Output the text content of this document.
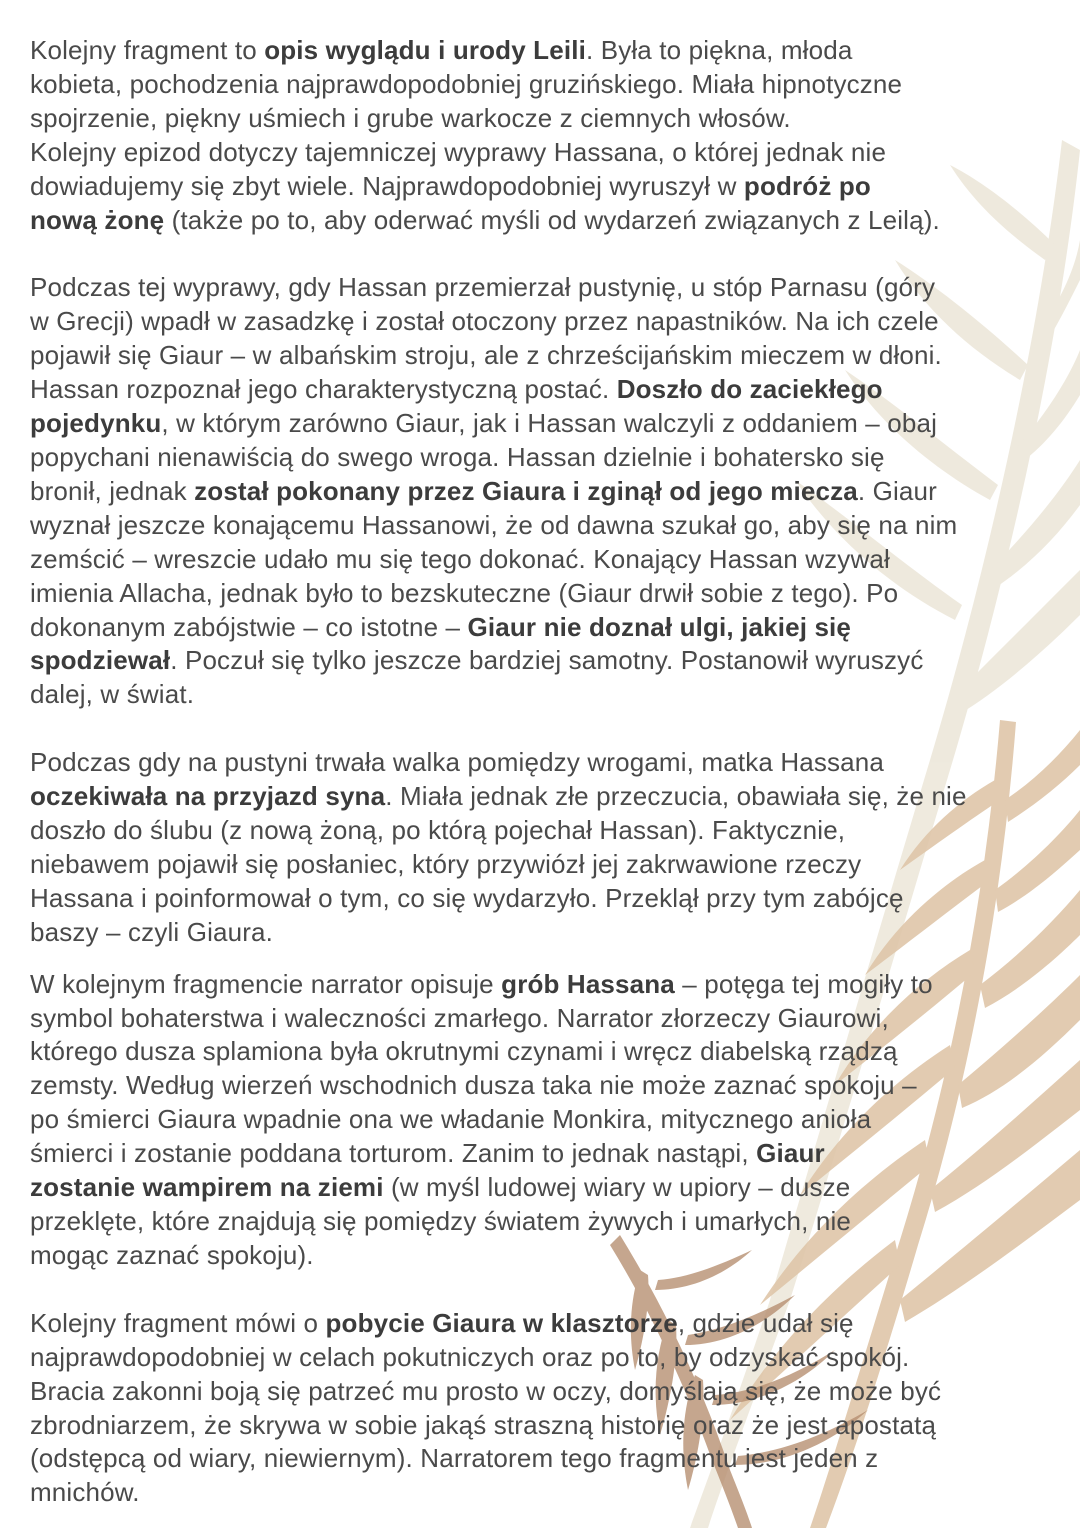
Kolejny fragment to opis wyglądu i urody Leili. Była to piękna, młoda
kobieta, pochodzenia najprawdopodobniej gruzińskiego. Miała hipnotyczne
spojrzenie, piękny uśmiech i grube warkocze z ciemnych włosów.
Kolejny epizod dotyczy tajemniczej wyprawy Hassana, o której jednak nie
dowiadujemy się zbyt wiele. Najprawdopodobniej wyruszył w podróż po
nową żonę (także po to, aby oderwać myśli od wydarzeń związanych z Leilą).

Podczas tej wyprawy, gdy Hassan przemierzał pustynię, u stóp Parnasu (góry
w Grecji) wpadł w zasadzkę i został otoczony przez napastników. Na ich czele
pojawił się Giaur – w albańskim stroju, ale z chrześcijańskim mieczem w dłoni.
Hassan rozpoznał jego charakterystyczną postać. Doszło do zaciekłego
pojedynku, w którym zarówno Giaur, jak i Hassan walczyli z oddaniem – obaj
popychani nienawiścią do swego wroga. Hassan dzielnie i bohatersko się
bronił, jednak został pokonany przez Giaura i zginął od jego miecza. Giaur
wyznał jeszcze konającemu Hassanowi, że od dawna szukał go, aby się na nim
zemścić – wreszcie udało mu się tego dokonać. Konający Hassan wzywał
imienia Allacha, jednak było to bezskuteczne (Giaur drwił sobie z tego). Po
dokonanym zabójstwie – co istotne – Giaur nie doznał ulgi, jakiej się
spodziewał. Poczuł się tylko jeszcze bardziej samotny. Postanowił wyruszyć
dalej, w świat.

Podczas gdy na pustyni trwała walka pomiędzy wrogami, matka Hassana
oczekiwała na przyjazd syna. Miała jednak złe przeczucia, obawiała się, że nie
doszło do ślubu (z nową żoną, po którą pojechał Hassan). Faktycznie,
niebawem pojawił się posłaniec, który przywiózł jej zakrwawione rzeczy
Hassana i poinformował o tym, co się wydarzyło. Przeklął przy tym zabójcę
baszy – czyli Giaura.

W kolejnym fragmencie narrator opisuje grób Hassana – potęga tej mogiły to
symbol bohaterstwa i waleczności zmarłego. Narrator złorzeczy Giaurowi,
którego dusza splamiona była okrutnymi czynami i wręcz diabelską rządzą
zemsty. Według wierzeń wschodnich dusza taka nie może zaznać spokoju –
po śmierci Giaura wpadnie ona we władanie Monkira, mitycznego anioła
śmierci i zostanie poddana torturom. Zanim to jednak nastąpi, Giaur
zostanie wampirem na ziemi (w myśl ludowej wiary w upiory – dusze
przeklęte, które znajdują się pomiędzy światem żywych i umarłych, nie
mogąc zaznać spokoju).

Kolejny fragment mówi o pobycie Giaura w klasztorze, gdzie udał się
najprawdopodobniej w celach pokutniczych oraz po to, by odzyskać spokój.
Bracia zakonni boją się patrzeć mu prosto w oczy, domyślają się, że może być
zbrodniarzem, że skrywa w sobie jakąś straszną historię oraz że jest apostatą
(odstępcą od wiary, niewiernym). Narratorem tego fragmentu jest jeden z
mnichów.
